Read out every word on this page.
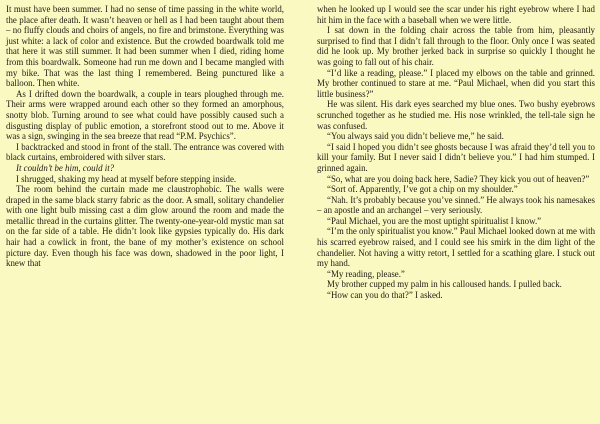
It must have been summer. I had no sense of time passing in the white world, the place after death. It wasn’t heaven or hell as I had been taught about them – no fluffy clouds and choirs of angels, no fire and brimstone. Everything was just white: a lack of color and existence. But the crowded boardwalk told me that here it was still summer. It had been summer when I died, riding home from this boardwalk. Someone had run me down and I became mangled with my bike. That was the last thing I remembered. Being punctured like a balloon. Then white.

As I drifted down the boardwalk, a couple in tears ploughed through me. Their arms were wrapped around each other so they formed an amorphous, snotty blob. Turning around to see what could have possibly caused such a disgusting display of public emotion, a storefront stood out to me. Above it was a sign, swinging in the sea breeze that read “P.M. Psychics”.

I backtracked and stood in front of the stall. The entrance was covered with black curtains, embroidered with silver stars.

It couldn’t be him, could it?

I shrugged, shaking my head at myself before stepping inside.

The room behind the curtain made me claustrophobic. The walls were draped in the same black starry fabric as the door. A small, solitary chandelier with one light bulb missing cast a dim glow around the room and made the metallic thread in the curtains glitter. The twenty-one-year-old mystic man sat on the far side of a table. He didn’t look like gypsies typically do. His dark hair had a cowlick in front, the bane of my mother’s existence on school picture day. Even though his face was down, shadowed in the poor light, I knew that

when he looked up I would see the scar under his right eyebrow where I had hit him in the face with a baseball when we were little.

I sat down in the folding chair across the table from him, pleasantly surprised to find that I didn’t fall through to the floor. Only once I was seated did he look up. My brother jerked back in surprise so quickly I thought he was going to fall out of his chair.

“I’d like a reading, please.” I placed my elbows on the table and grinned. My brother continued to stare at me. “Paul Michael, when did you start this little business?”

He was silent. His dark eyes searched my blue ones. Two bushy eyebrows scrunched together as he studied me. His nose wrinkled, the tell-tale sign he was confused.

“You always said you didn’t believe me,” he said.

“I said I hoped you didn’t see ghosts because I was afraid they’d tell you to kill your family. But I never said I didn’t believe you.” I had him stumped. I grinned again.

“So, what are you doing back here, Sadie? They kick you out of heaven?”

“Sort of. Apparently, I’ve got a chip on my shoulder.”

“Nah. It’s probably because you’ve sinned.” He always took his namesakes – an apostle and an archangel – very seriously.

“Paul Michael, you are the most uptight spiritualist I know.”

“I’m the only spiritualist you know.” Paul Michael looked down at me with his scarred eyebrow raised, and I could see his smirk in the dim light of the chandelier. Not having a witty retort, I settled for a scathing glare. I stuck out my hand.

“My reading, please.”

My brother cupped my palm in his calloused hands. I pulled back.

“How can you do that?” I asked.
